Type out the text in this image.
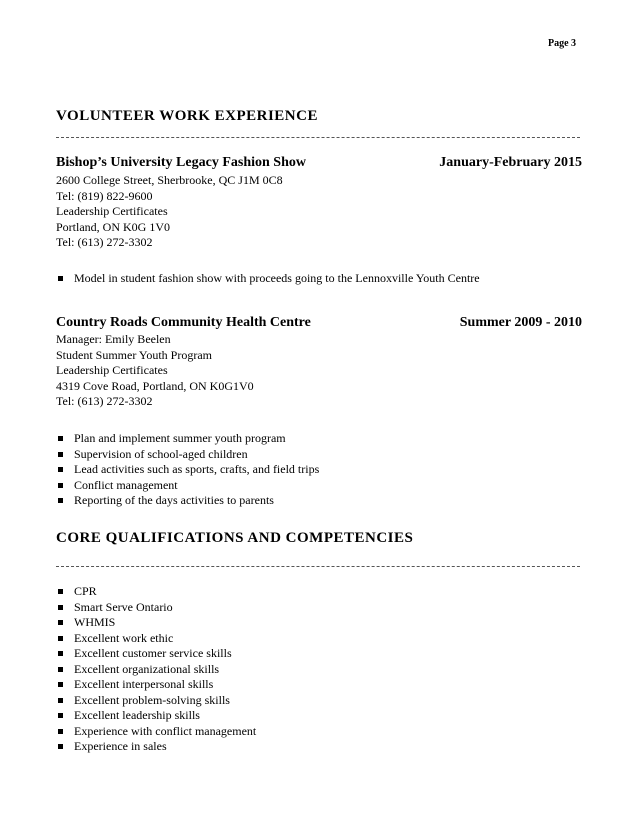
Page 3
VOLUNTEER WORK EXPERIENCE
Bishop’s University Legacy Fashion Show	January-February 2015
2600 College Street, Sherbrooke, QC J1M 0C8
Tel: (819) 822-9600
Leadership Certificates
Portland, ON K0G 1V0
Tel: (613) 272-3302
Model in student fashion show with proceeds going to the Lennoxville Youth Centre
Country Roads Community Health Centre	Summer 2009 - 2010
Manager: Emily Beelen
Student Summer Youth Program
Leadership Certificates
4319 Cove Road, Portland, ON K0G1V0
Tel: (613) 272-3302
Plan and implement summer youth program
Supervision of school-aged children
Lead activities such as sports, crafts, and field trips
Conflict management
Reporting of the days activities to parents
CORE QUALIFICATIONS AND COMPETENCIES
CPR
Smart Serve Ontario
WHMIS
Excellent work ethic
Excellent customer service skills
Excellent organizational skills
Excellent interpersonal skills
Excellent problem-solving skills
Excellent leadership skills
Experience with conflict management
Experience in sales
